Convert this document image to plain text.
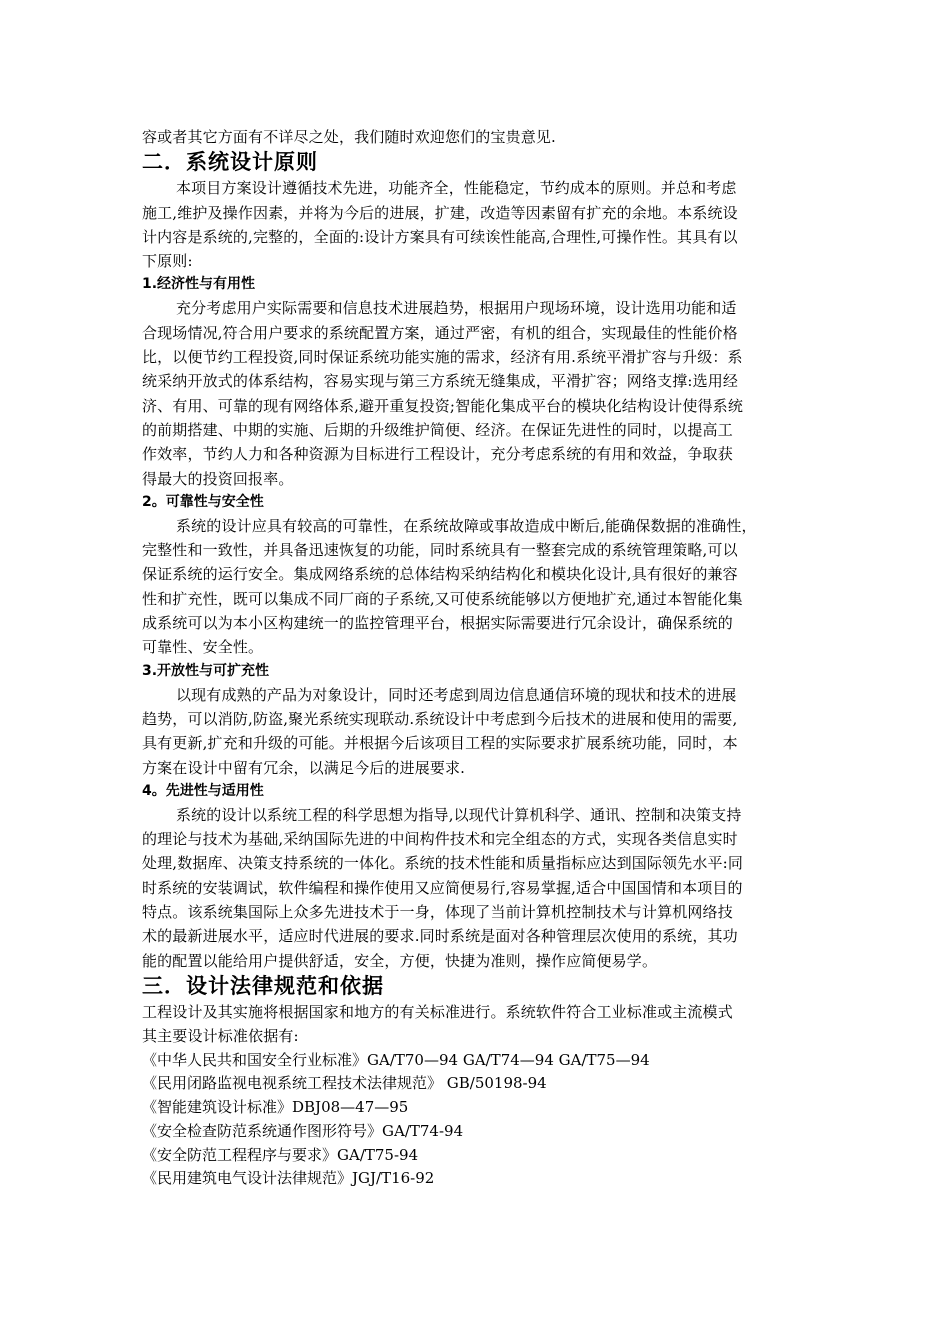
容或者其它方面有不详尽之处，我们随时欢迎您们的宝贵意见.
二．系统设计原则
本项目方案设计遵循技术先进，功能齐全，性能稳定，节约成本的原则。并总和考虑
施工,维护及操作因素，并将为今后的进展，扩建，改造等因素留有扩充的余地。本系统设
计内容是系统的,完整的，全面的:设计方案具有可续诶性能高,合理性,可操作性。其具有以
下原则:
1.经济性与有用性
充分考虑用户实际需要和信息技术进展趋势，根据用户现场环境，设计选用功能和适
合现场情况,符合用户要求的系统配置方案，通过严密，有机的组合，实现最佳的性能价格
比，以便节约工程投资,同时保证系统功能实施的需求，经济有用.系统平滑扩容与升级：系
统采纳开放式的体系结构，容易实现与第三方系统无缝集成，平滑扩容；网络支撑:选用经
济、有用、可靠的现有网络体系,避开重复投资;智能化集成平台的模块化结构设计使得系统
的前期搭建、中期的实施、后期的升级维护简便、经济。在保证先进性的同时，以提高工
作效率，节约人力和各种资源为目标进行工程设计，充分考虑系统的有用和效益，争取获
得最大的投资回报率。
2。可靠性与安全性
系统的设计应具有较高的可靠性，在系统故障或事故造成中断后,能确保数据的准确性，
完整性和一致性，并具备迅速恢复的功能，同时系统具有一整套完成的系统管理策略,可以
保证系统的运行安全。集成网络系统的总体结构采纳结构化和模块化设计,具有很好的兼容
性和扩充性，既可以集成不同厂商的子系统,又可使系统能够以方便地扩充,通过本智能化集
成系统可以为本小区构建统一的监控管理平台，根据实际需要进行冗余设计，确保系统的
可靠性、安全性。
3.开放性与可扩充性
以现有成熟的产品为对象设计，同时还考虑到周边信息通信环境的现状和技术的进展
趋势，可以消防,防盗,聚光系统实现联动.系统设计中考虑到今后技术的进展和使用的需要,
具有更新,扩充和升级的可能。并根据今后该项目工程的实际要求扩展系统功能，同时，本
方案在设计中留有冗余，以满足今后的进展要求.
4。先进性与适用性
系统的设计以系统工程的科学思想为指导,以现代计算机科学、通讯、控制和决策支持
的理论与技术为基础,采纳国际先进的中间构件技术和完全组态的方式，实现各类信息实时
处理,数据库、决策支持系统的一体化。系统的技术性能和质量指标应达到国际领先水平:同
时系统的安装调试，软件编程和操作使用又应简便易行,容易掌握,适合中国国情和本项目的
特点。该系统集国际上众多先进技术于一身，体现了当前计算机控制技术与计算机网络技
术的最新进展水平，适应时代进展的要求.同时系统是面对各种管理层次使用的系统，其功
能的配置以能给用户提供舒适，安全，方便，快捷为准则，操作应简便易学。
三．设计法律规范和依据
工程设计及其实施将根据国家和地方的有关标准进行。系统软件符合工业标准或主流模式
其主要设计标准依据有:
《中华人民共和国安全行业标准》GA/T70—94 GA/T74—94 GA/T75—94
《民用闭路监视电视系统工程技术法律规范》 GB/50198-94
《智能建筑设计标准》DBJ08—47—95
《安全检查防范系统通作图形符号》GA/T74-94
《安全防范工程程序与要求》GA/T75-94
《民用建筑电气设计法律规范》JGJ/T16-92
